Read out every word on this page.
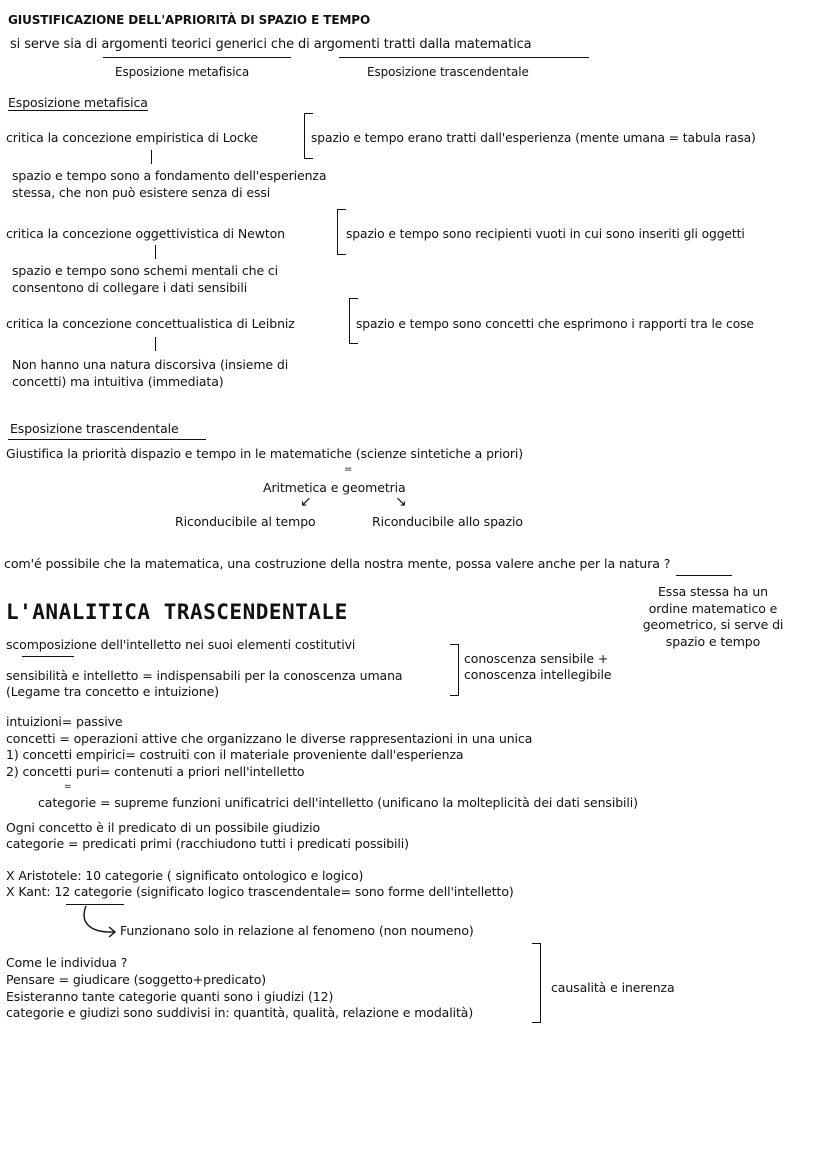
GIUSTIFICAZIONE DELL'APRIORITÀ DI SPAZIO E TEMPO
si serve sia di argomenti teorici generici che di argomenti tratti dalla matematica
Esposizione metafisica	Esposizione trascendentale
Esposizione metafisica
critica la concezione empiristica di Locke	spazio e tempo erano tratti dall'esperienza (mente umana = tabula rasa)
spazio e tempo sono a fondamento dell'esperienza
stessa, che non può esistere senza di essi
critica la concezione oggettivistica di Newton	spazio e tempo sono recipienti vuoti in cui sono inseriti gli oggetti
spazio e tempo sono schemi mentali che ci
consentono di collegare i dati sensibili
critica la concezione concettualistica di Leibniz	spazio e tempo sono concetti che esprimono i rapporti tra le cose
Non hanno una natura discorsiva (insieme di
concetti) ma intuitiva (immediata)
Esposizione trascendentale
Giustifica la priorità dispazio e tempo in le matematiche (scienze sintetiche a priori)
=
Aritmetica e geometria
↙	↘
Riconducibile al tempo	Riconducibile allo spazio
com'é possibile che la matematica, una costruzione della nostra mente, possa valere anche per la natura ?
Essa stessa ha un ordine matematico e geometrico, si serve di spazio e tempo
L'ANALITICA TRASCENDENTALE
scomposizione dell'intelletto nei suoi elementi costitutivi
sensibilità e intelletto = indispensabili per la conoscenza umana
(Legame tra concetto e intuizione)
conoscenza sensibile +
conoscenza intellegibile
intuizioni= passive
concetti = operazioni attive che organizzano le diverse rappresentazioni in una unica
1) concetti empirici= costruiti con il materiale proveniente dall'esperienza
2) concetti puri= contenuti a priori nell'intelletto
=
categorie = supreme funzioni unificatrici dell'intelletto (unificano la molteplicità dei dati sensibili)
Ogni concetto è il predicato di un possibile giudizio
categorie = predicati primi (racchiudono tutti i predicati possibili)
X Aristotele: 10 categorie ( significato ontologico e logico)
X Kant: 12 categorie (significato logico trascendentale= sono forme dell'intelletto)
Funzionano solo in relazione al fenomeno (non noumeno)
Come le individua ?
Pensare = giudicare (soggetto+predicato)
Esisteranno tante categorie quanti sono i giudizi (12)
categorie e giudizi sono suddivisi in: quantità, qualità, relazione e modalità)
causalità e inerenza
